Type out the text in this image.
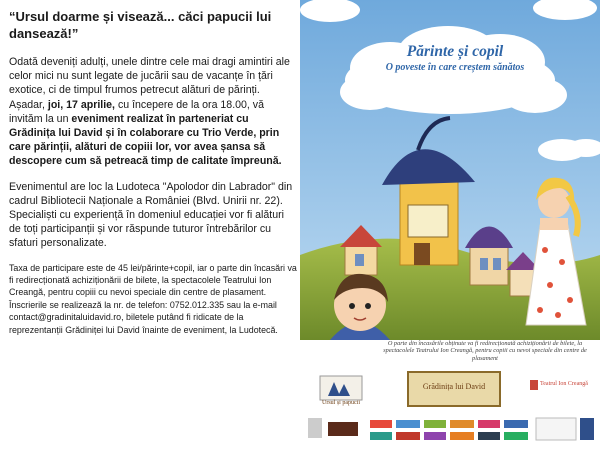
“Ursul doarme și visează... căci papucii lui dansează!”

Odată deveniți adulți, unele dintre cele mai dragi amintiri ale celor mici nu sunt legate de jucării sau de vacanțe în țări exotice, ci de timpul frumos petrecut alături de părinți. Așadar, joi, 17 aprilie, cu începere de la ora 18.00, vă invităm la un eveniment realizat în parteneriat cu Grădinița lui David și în colaborare cu Trio Verde, prin care părinții, alături de copiii lor, vor avea șansa să descopere cum să petreacă timp de calitate împreună.

Evenimentul are loc la Ludoteca "Apolodor din Labrador" din cadrul Bibliotecii Naționale a României (Blvd. Unirii nr. 22). Specialiști cu experiență în domeniul educației vor fi alături de toți participanții și vor răspunde tuturor întrebărilor cu sfaturi personalizate.

Taxa de participare este de 45 lei/părinte+copil, iar o parte din încasări va fi redirecționată achiziționării de bilete, la spectacolele Teatrului Ion Creangă, pentru copiii cu nevoi speciale din centre de plasament. Înscrierile se realizează la nr. de telefon: 0752.012.335 sau la e-mail contact@gradinitaluidavid.ro, biletele putând fi ridicate de la reprezentanții Grădiniței lui David înainte de eveniment, la Ludotecă.

Părinte și copil
O poveste în care creștem sănătos
O parte din încasările obținute va fi redirecționată achiziționării de bilete, la spectacolele Teatrului Ion Creangă, pentru copiii cu nevoi speciale din centre de plasament
Ursul și papucii
Grădinița lui David	Teatrul Ion Creangă
